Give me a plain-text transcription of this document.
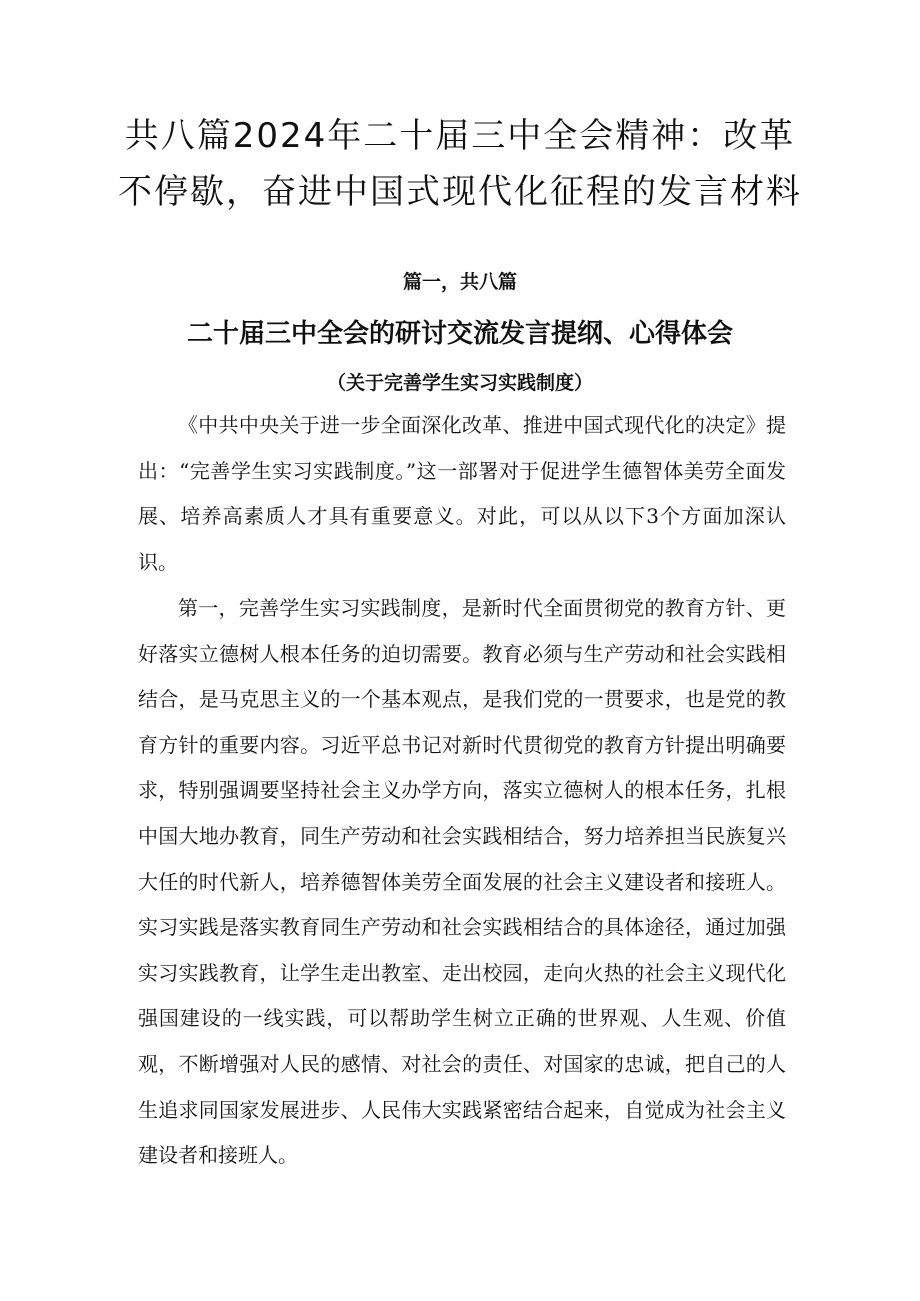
共八篇2024年二十届三中全会精神：改革
不停歇，奋进中国式现代化征程的发言材料

篇一，共八篇

二十届三中全会的研讨交流发言提纲、心得体会

（关于完善学生实习实践制度）

《中共中央关于进一步全面深化改革、推进中国式现代化的决定》提出：“完善学生实习实践制度。”这一部署对于促进学生德智体美劳全面发展、培养高素质人才具有重要意义。对此，可以从以下3个方面加深认识。

第一，完善学生实习实践制度，是新时代全面贯彻党的教育方针、更好落实立德树人根本任务的迫切需要。教育必须与生产劳动和社会实践相结合，是马克思主义的一个基本观点，是我们党的一贯要求，也是党的教育方针的重要内容。习近平总书记对新时代贯彻党的教育方针提出明确要求，特别强调要坚持社会主义办学方向，落实立德树人的根本任务，扎根中国大地办教育，同生产劳动和社会实践相结合，努力培养担当民族复兴大任的时代新人，培养德智体美劳全面发展的社会主义建设者和接班人。实习实践是落实教育同生产劳动和社会实践相结合的具体途径，通过加强实习实践教育，让学生走出教室、走出校园，走向火热的社会主义现代化强国建设的一线实践，可以帮助学生树立正确的世界观、人生观、价值观，不断增强对人民的感情、对社会的责任、对国家的忠诚，把自己的人生追求同国家发展进步、人民伟大实践紧密结合起来，自觉成为社会主义建设者和接班人。
